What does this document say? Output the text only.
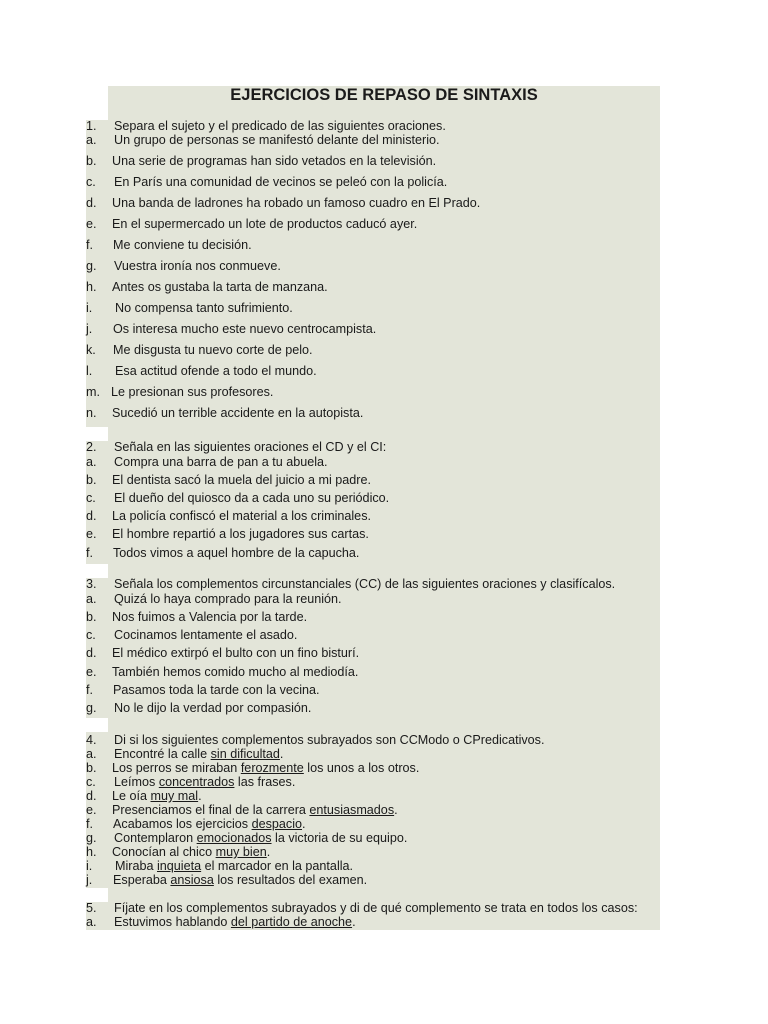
EJERCICIOS DE REPASO DE SINTAXIS
1. Separa el sujeto y el predicado de las siguientes oraciones.
a. Un grupo de personas se manifestó delante del ministerio.
b. Una serie de programas han sido vetados en la televisión.
c. En París una comunidad de vecinos se peleó con la policía.
d. Una banda de ladrones ha robado un famoso cuadro en El Prado.
e. En el supermercado un lote de productos caducó ayer.
f. Me conviene tu decisión.
g. Vuestra ironía nos conmueve.
h. Antes os gustaba la tarta de manzana.
i. No compensa tanto sufrimiento.
j. Os interesa mucho este nuevo centrocampista.
k. Me disgusta tu nuevo corte de pelo.
l. Esa actitud ofende a todo el mundo.
m. Le presionan sus profesores.
n. Sucedió un terrible accidente en la autopista.
2. Señala en las siguientes oraciones el CD y el CI:
a. Compra una barra de pan a tu abuela.
b. El dentista sacó la muela del juicio a mi padre.
c. El dueño del quiosco da a cada uno su periódico.
d. La policía confiscó el material a los criminales.
e. El hombre repartió a los jugadores sus cartas.
f. Todos vimos a aquel hombre de la capucha.
3. Señala los complementos circunstanciales (CC) de las siguientes oraciones y clasifícalos.
a. Quizá lo haya comprado para la reunión.
b. Nos fuimos a Valencia por la tarde.
c. Cocinamos lentamente el asado.
d. El médico extirpó el bulto con un fino bisturí.
e. También hemos comido mucho al mediodía.
f. Pasamos toda la tarde con la vecina.
g. No le dijo la verdad por compasión.
4. Di si los siguientes complementos subrayados son CCModo o CPredicativos.
a. Encontré la calle sin dificultad.
b. Los perros se miraban ferozmente los unos a los otros.
c. Leímos concentrados las frases.
d. Le oía muy mal.
e. Presenciamos el final de la carrera entusiasmados.
f. Acabamos los ejercicios despacio.
g. Contemplaron emocionados la victoria de su equipo.
h. Conocían al chico muy bien.
i. Miraba inquieta el marcador en la pantalla.
j. Esperaba ansiosa los resultados del examen.
5. Fíjate en los complementos subrayados y di de qué complemento se trata en todos los casos:
a. Estuvimos hablando del partido de anoche.
